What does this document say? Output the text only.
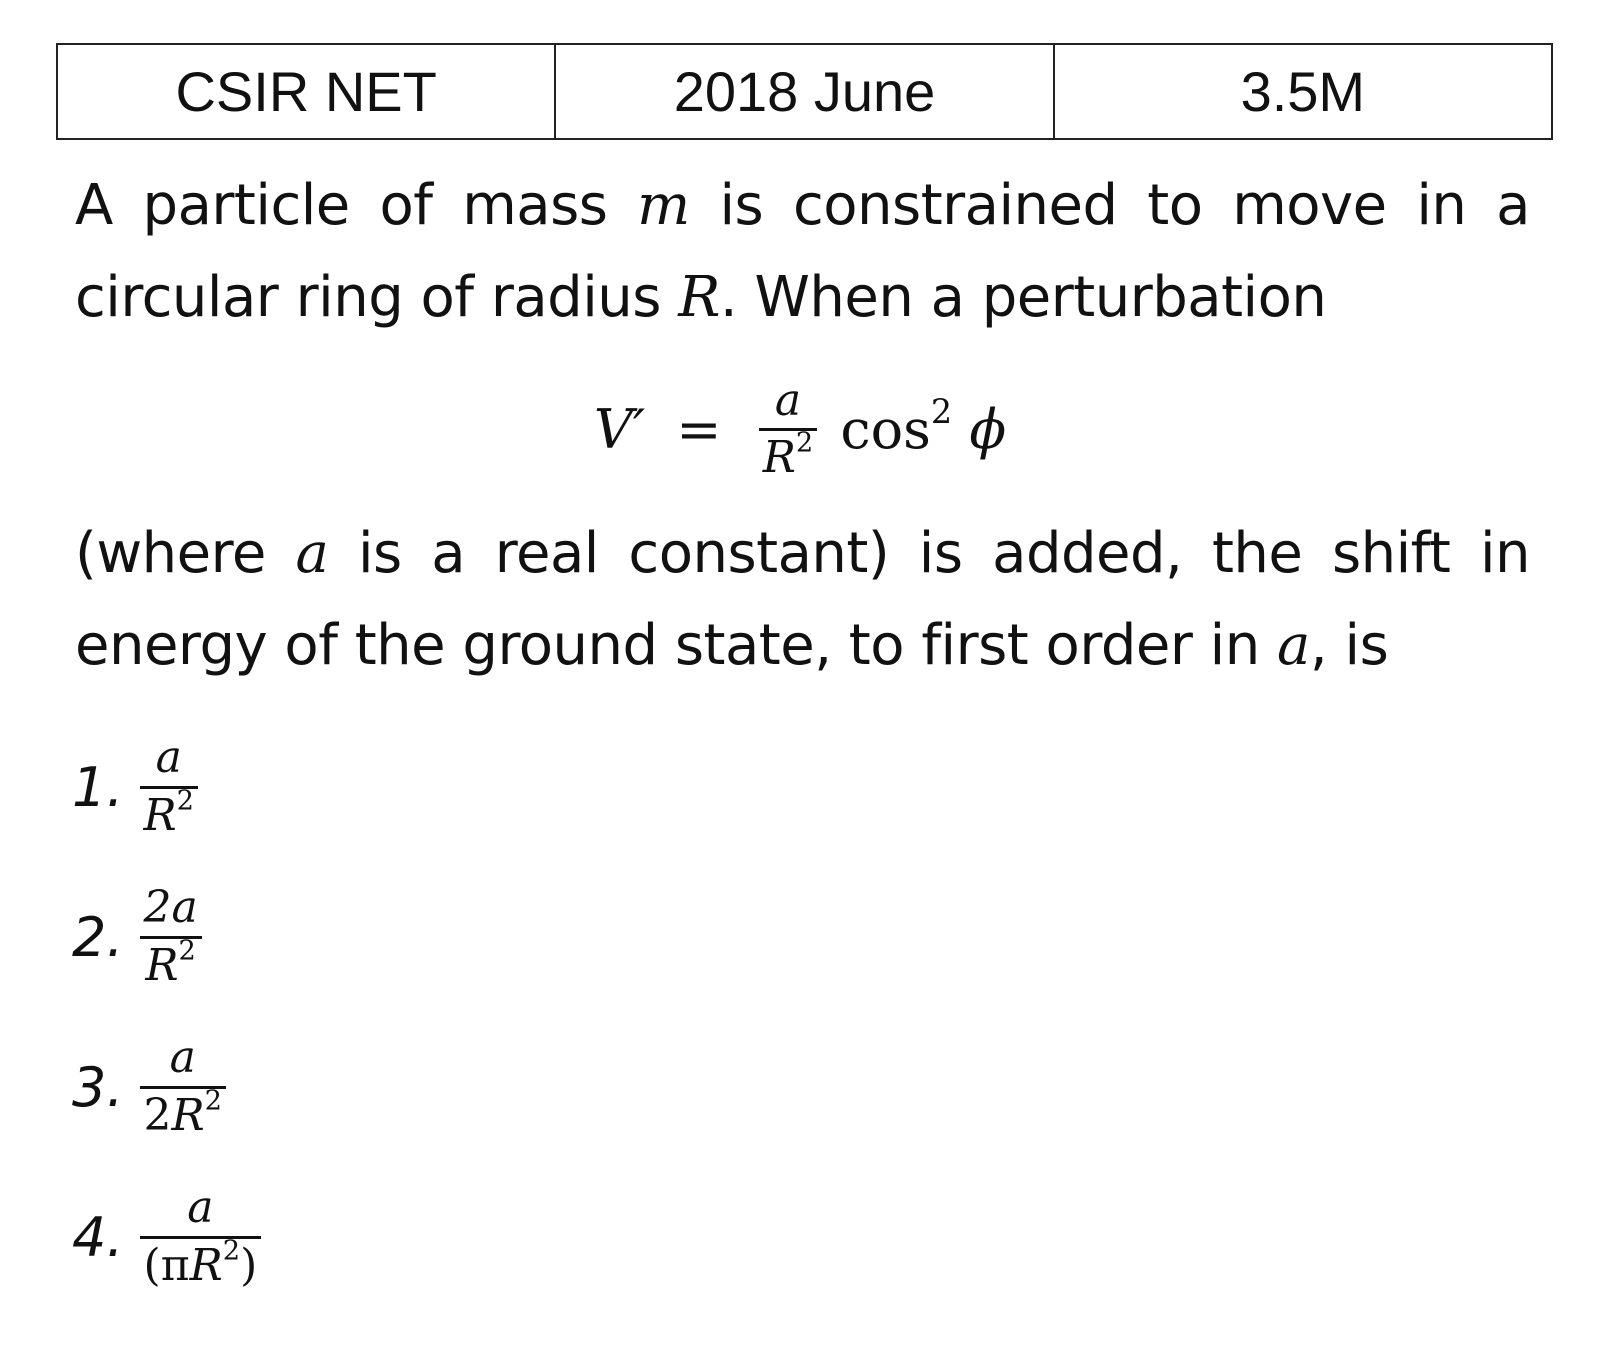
CSIR NET	2018 June	3.5M
A particle of mass m is constrained to move in a
circular ring of radius R. When a perturbation
$V' = \frac{a}{R^2} \cos^2 \phi$
(where a is a real constant) is added, the shift in
energy of the ground state, to first order in a, is
1. $\frac{a}{R^2}$
2. $\frac{2a}{R^2}$
3. $\frac{a}{2R^2}$
4. $\frac{a}{(\pi R^2)}$
